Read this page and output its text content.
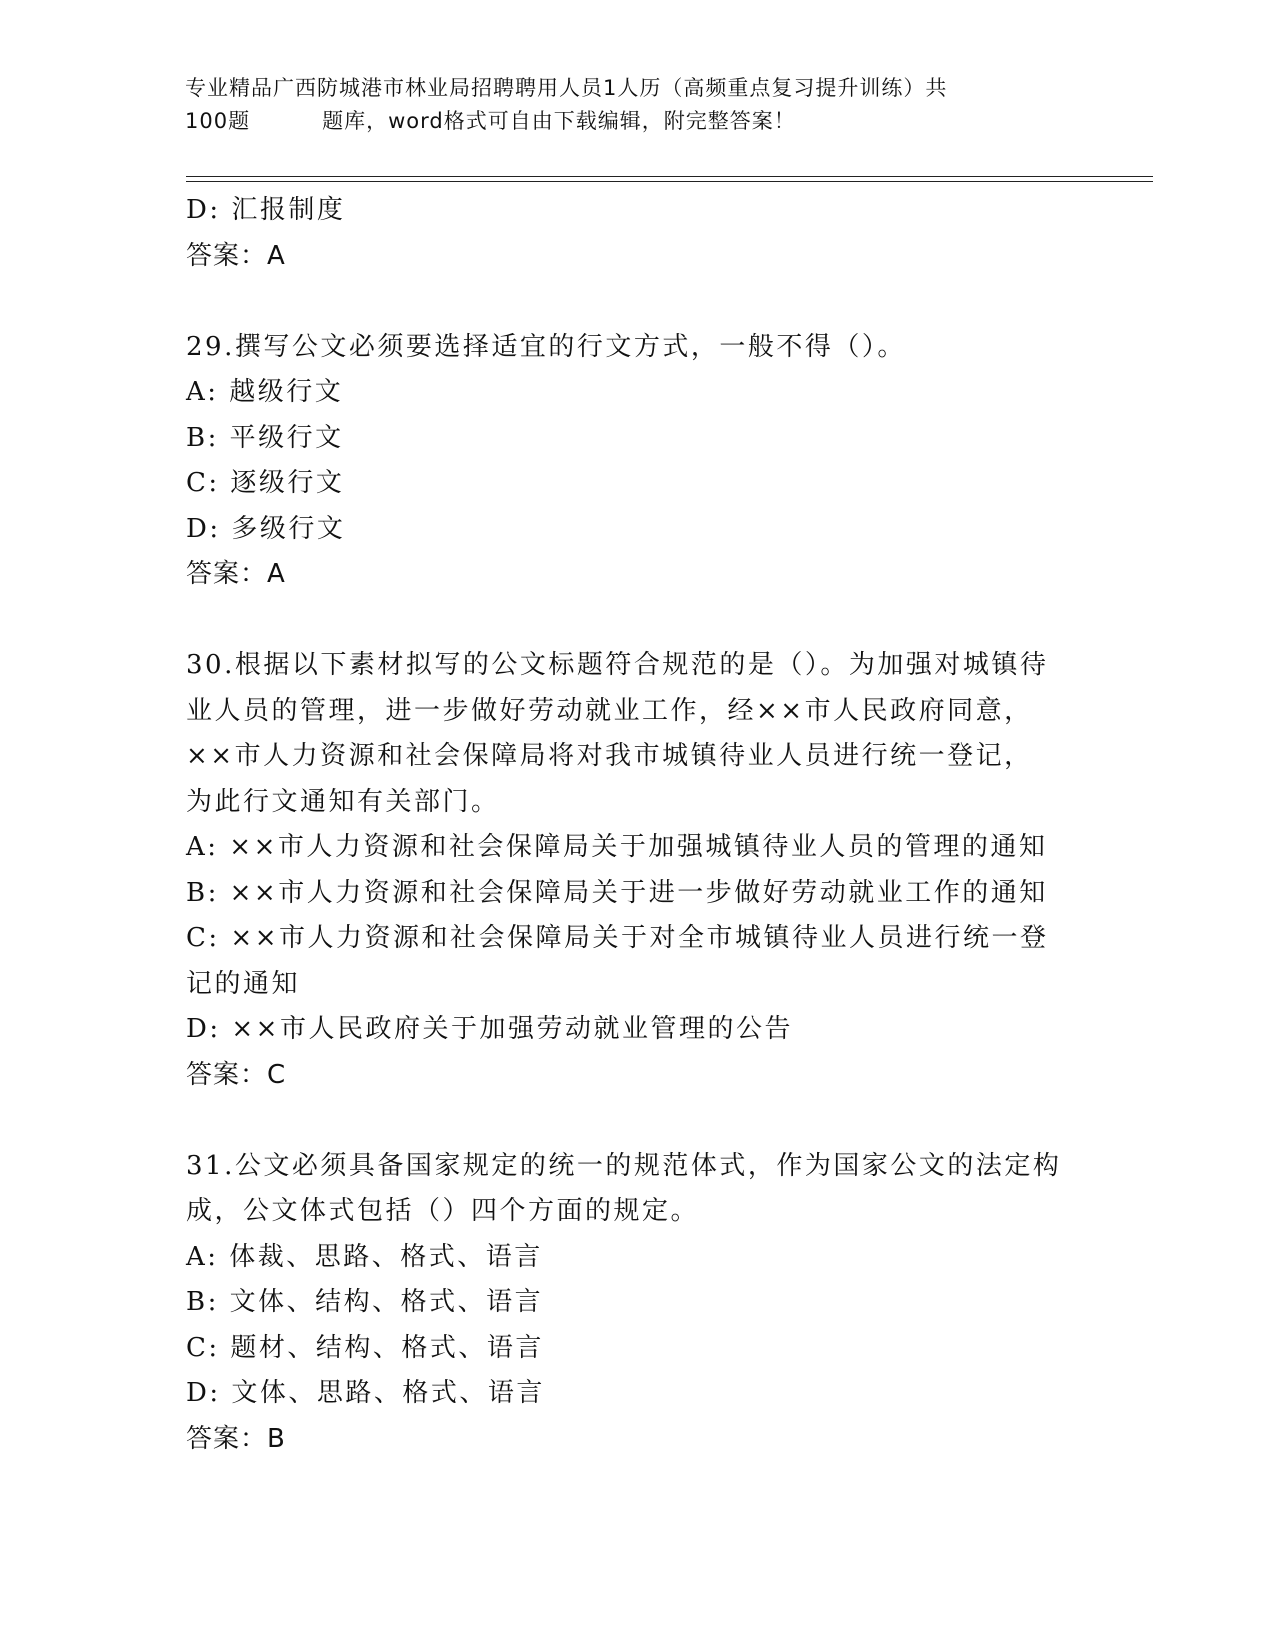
专业精品广西防城港市林业局招聘聘用人员1人历（高频重点复习提升训练）共
100题	题库，word格式可自由下载编辑，附完整答案！
D: 汇报制度
答案：A
29.撰写公文必须要选择适宜的行文方式，一般不得（）。
A: 越级行文
B: 平级行文
C: 逐级行文
D: 多级行文
答案：A
30.根据以下素材拟写的公文标题符合规范的是（）。为加强对城镇待
业人员的管理，进一步做好劳动就业工作，经××市人民政府同意，
××市人力资源和社会保障局将对我市城镇待业人员进行统一登记，
为此行文通知有关部门。
A: ××市人力资源和社会保障局关于加强城镇待业人员的管理的通知
B: ××市人力资源和社会保障局关于进一步做好劳动就业工作的通知
C: ××市人力资源和社会保障局关于对全市城镇待业人员进行统一登
记的通知
D: ××市人民政府关于加强劳动就业管理的公告
答案：C
31.公文必须具备国家规定的统一的规范体式，作为国家公文的法定构
成，公文体式包括（）四个方面的规定。
A: 体裁、思路、格式、语言
B: 文体、结构、格式、语言
C: 题材、结构、格式、语言
D: 文体、思路、格式、语言
答案：B
